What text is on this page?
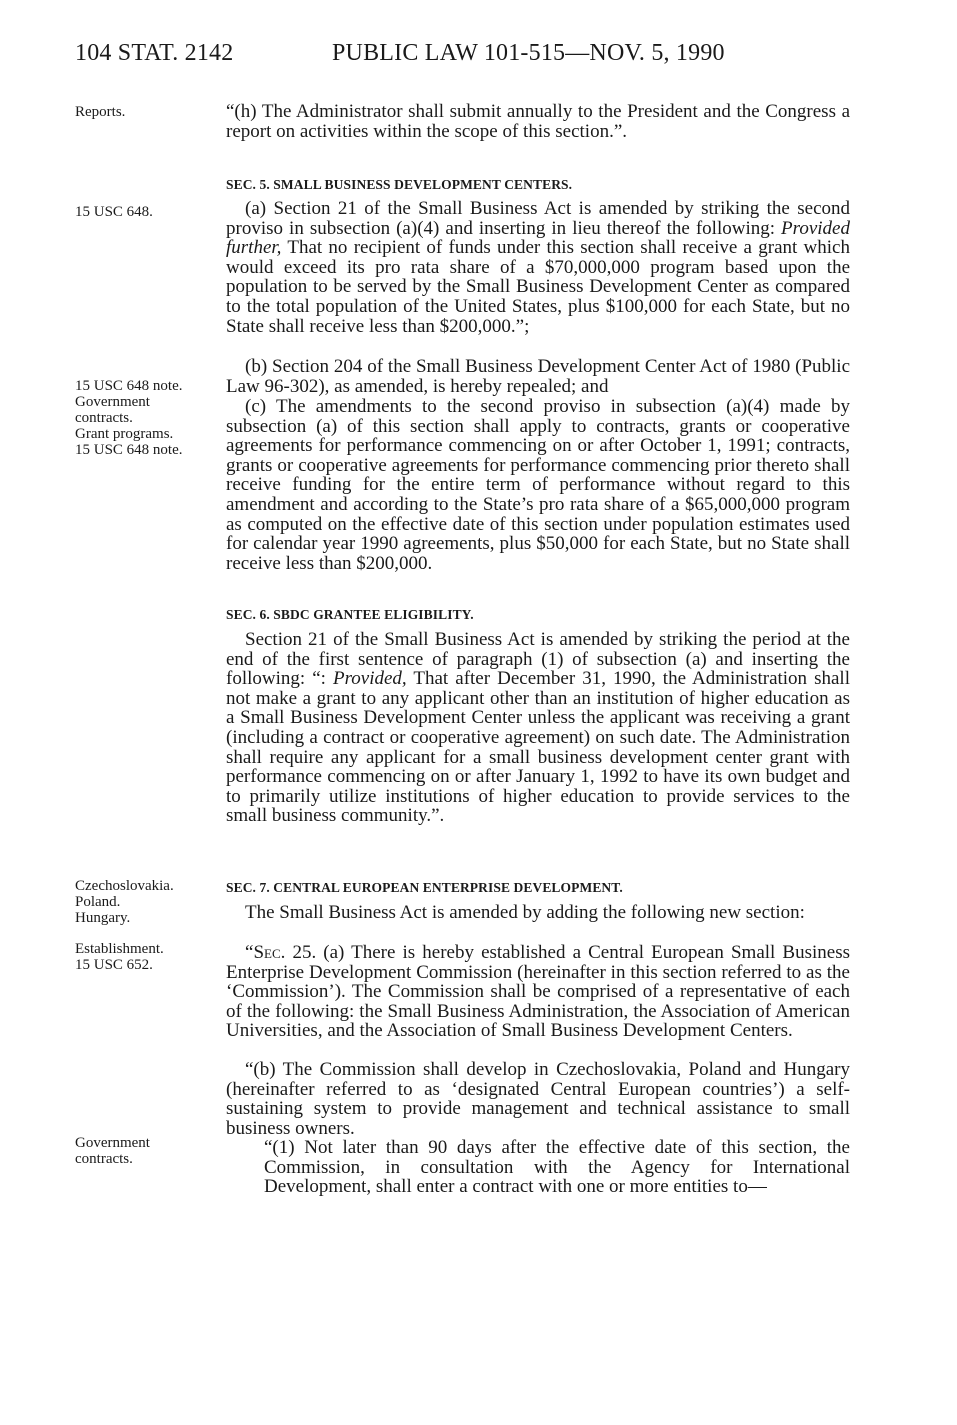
104 STAT. 2142	PUBLIC LAW 101-515—NOV. 5, 1990
Reports.
15 USC 648.
15 USC 648 note.
Government
contracts.
Grant programs.
15 USC 648 note.
Czechoslovakia.
Poland.
Hungary.
Establishment.
15 USC 652.
Government
contracts.
“(h) The Administrator shall submit annually to the President and the Congress a report on activities within the scope of this section.”.
SEC. 5. SMALL BUSINESS DEVELOPMENT CENTERS.
(a) Section 21 of the Small Business Act is amended by striking the second proviso in subsection (a)(4) and inserting in lieu thereof the following: Provided further, That no recipient of funds under this section shall receive a grant which would exceed its pro rata share of a $70,000,000 program based upon the population to be served by the Small Business Development Center as compared to the total population of the United States, plus $100,000 for each State, but no State shall receive less than $200,000.”;
(b) Section 204 of the Small Business Development Center Act of 1980 (Public Law 96-302), as amended, is hereby repealed; and
(c) The amendments to the second proviso in subsection (a)(4) made by subsection (a) of this section shall apply to contracts, grants or cooperative agreements for performance commencing on or after October 1, 1991; contracts, grants or cooperative agreements for performance commencing prior thereto shall receive funding for the entire term of performance without regard to this amendment and according to the State’s pro rata share of a $65,000,000 program as computed on the effective date of this section under population estimates used for calendar year 1990 agreements, plus $50,000 for each State, but no State shall receive less than $200,000.
SEC. 6. SBDC GRANTEE ELIGIBILITY.
Section 21 of the Small Business Act is amended by striking the period at the end of the first sentence of paragraph (1) of subsection (a) and inserting the following: “: Provided, That after December 31, 1990, the Administration shall not make a grant to any applicant other than an institution of higher education as a Small Business Development Center unless the applicant was receiving a grant (including a contract or cooperative agreement) on such date. The Administration shall require any applicant for a small business development center grant with performance commencing on or after January 1, 1992 to have its own budget and to primarily utilize institutions of higher education to provide services to the small business community.”.
SEC. 7. CENTRAL EUROPEAN ENTERPRISE DEVELOPMENT.
The Small Business Act is amended by adding the following new section:
“Sec. 25. (a) There is hereby established a Central European Small Business Enterprise Development Commission (hereinafter in this section referred to as the ‘Commission’). The Commission shall be comprised of a representative of each of the following: the Small Business Administration, the Association of American Universities, and the Association of Small Business Development Centers.
“(b) The Commission shall develop in Czechoslovakia, Poland and Hungary (hereinafter referred to as ‘designated Central European countries’) a self-sustaining system to provide management and technical assistance to small business owners.
“(1) Not later than 90 days after the effective date of this section, the Commission, in consultation with the Agency for International Development, shall enter a contract with one or more entities to—
